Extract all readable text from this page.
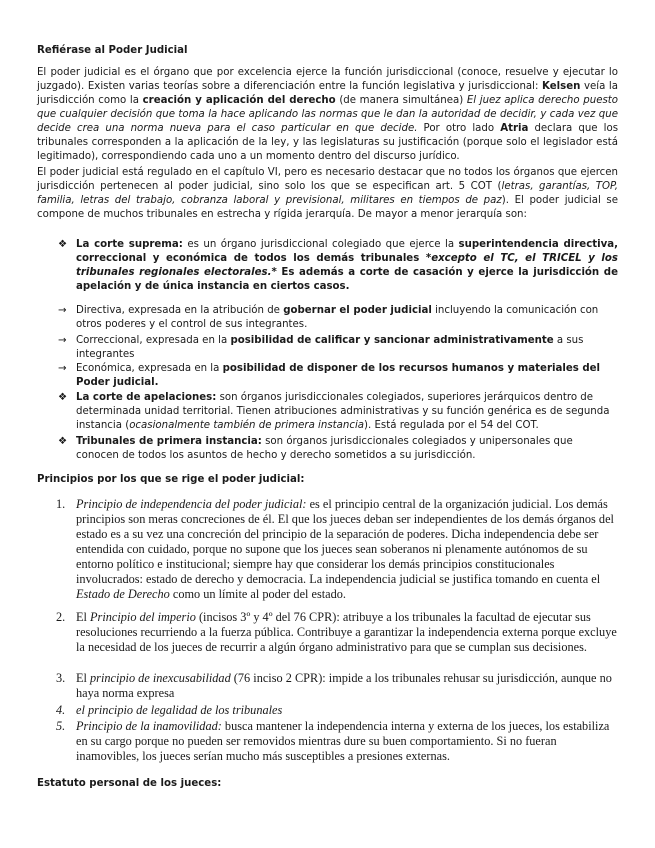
Refiérase al Poder Judicial

El poder judicial es el órgano que por excelencia ejerce la función jurisdiccional (conoce, resuelve y ejecutar lo juzgado). Existen varias teorías sobre a diferenciación entre la función legislativa y jurisdiccional: Kelsen veía la jurisdicción como la creación y aplicación del derecho (de manera simultánea) El juez aplica derecho puesto que cualquier decisión que toma la hace aplicando las normas que le dan la autoridad de decidir, y cada vez que decide crea una norma nueva para el caso particular en que decide. Por otro lado Atria declara que los tribunales corresponden a la aplicación de la ley, y las legislaturas su justificación (porque solo el legislador está legitimado), correspondiendo cada uno a un momento dentro del discurso jurídico.

El poder judicial está regulado en el capítulo VI, pero es necesario destacar que no todos los órganos que ejercen jurisdicción pertenecen al poder judicial, sino solo los que se especifican art. 5 COT (letras, garantías, TOP, familia, letras del trabajo, cobranza laboral y previsional, militares en tiempos de paz). El poder judicial se compone de muchos tribunales en estrecha y rígida jerarquía. De mayor a menor jerarquía son:

❖ La corte suprema: es un órgano jurisdiccional colegiado que ejerce la superintendencia directiva, correccional y económica de todos los demás tribunales *excepto el TC, el TRICEL y los tribunales regionales electorales.* Es además a corte de casación y ejerce la jurisdicción de apelación y de única instancia en ciertos casos.

→ Directiva, expresada en la atribución de gobernar el poder judicial incluyendo la comunicación con otros poderes y el control de sus integrantes.

→ Correccional, expresada en la posibilidad de calificar y sancionar administrativamente a sus integrantes

→ Económica, expresada en la posibilidad de disponer de los recursos humanos y materiales del Poder judicial.

❖ La corte de apelaciones: son órganos jurisdiccionales colegiados, superiores jerárquicos dentro de determinada unidad territorial. Tienen atribuciones administrativas y su función genérica es de segunda instancia (ocasionalmente también de primera instancia). Está regulada por el 54 del COT.

❖ Tribunales de primera instancia: son órganos jurisdiccionales colegiados y unipersonales que conocen de todos los asuntos de hecho y derecho sometidos a su jurisdicción.

Principios por los que se rige el poder judicial:
1. Principio de independencia del poder judicial: es el principio central de la organización judicial. Los demás principios son meras concreciones de él. El que los jueces deban ser independientes de los demás órganos del estado es a su vez una concreción del principio de la separación de poderes. Dicha independencia debe ser entendida con cuidado, porque no supone que los jueces sean soberanos ni plenamente autónomos de su entorno político e institucional; siempre hay que considerar los demás principios constitucionales involucrados: estado de derecho y democracia. La independencia judicial se justifica tomando en cuenta el Estado de Derecho como un límite al poder del estado.

2. El Principio del imperio (incisos 3º y 4º del 76 CPR): atribuye a los tribunales la facultad de ejecutar sus resoluciones recurriendo a la fuerza pública. Contribuye a garantizar la independencia externa porque excluye la necesidad de los jueces de recurrir a algún órgano administrativo para que se cumplan sus decisiones.

3. El principio de inexcusabilidad (76 inciso 2 CPR): impide a los tribunales rehusar su jurisdicción, aunque no haya norma expresa

4. el principio de legalidad de los tribunales

5. Principio de la inamovilidad: busca mantener la independencia interna y externa de los jueces, los estabiliza en su cargo porque no pueden ser removidos mientras dure su buen comportamiento. Si no fueran inamovibles, los jueces serían mucho más susceptibles a presiones externas.

Estatuto personal de los jueces:
